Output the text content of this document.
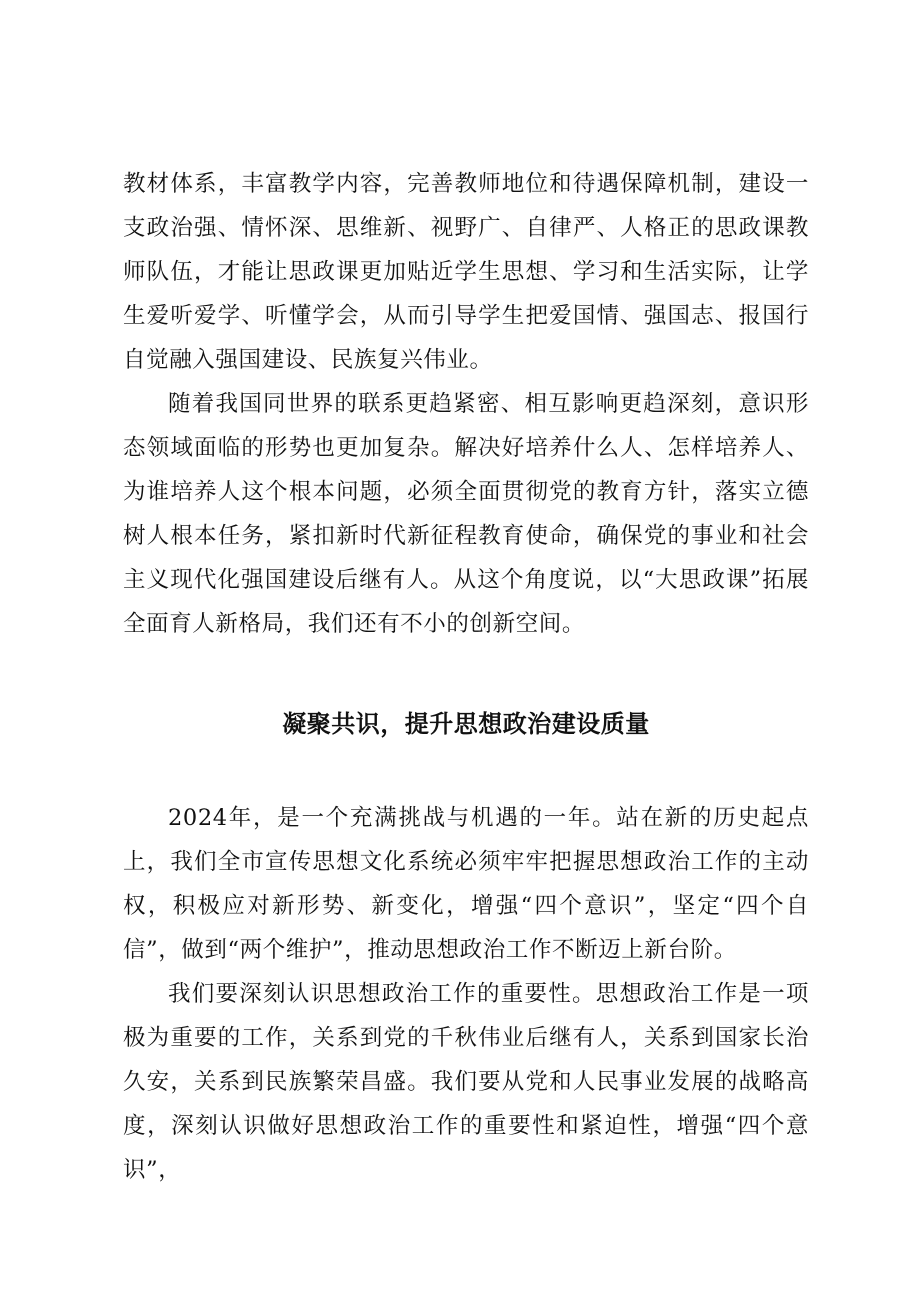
教材体系，丰富教学内容，完善教师地位和待遇保障机制，建设一支政治强、情怀深、思维新、视野广、自律严、人格正的思政课教师队伍，才能让思政课更加贴近学生思想、学习和生活实际，让学生爱听爱学、听懂学会，从而引导学生把爱国情、强国志、报国行自觉融入强国建设、民族复兴伟业。

随着我国同世界的联系更趋紧密、相互影响更趋深刻，意识形态领域面临的形势也更加复杂。解决好培养什么人、怎样培养人、为谁培养人这个根本问题，必须全面贯彻党的教育方针，落实立德树人根本任务，紧扣新时代新征程教育使命，确保党的事业和社会主义现代化强国建设后继有人。从这个角度说，以“大思政课”拓展全面育人新格局，我们还有不小的创新空间。

凝聚共识，提升思想政治建设质量

2024年，是一个充满挑战与机遇的一年。站在新的历史起点上，我们全市宣传思想文化系统必须牢牢把握思想政治工作的主动权，积极应对新形势、新变化，增强“四个意识”，坚定“四个自信”，做到“两个维护”，推动思想政治工作不断迈上新台阶。

我们要深刻认识思想政治工作的重要性。思想政治工作是一项极为重要的工作，关系到党的千秋伟业后继有人，关系到国家长治久安，关系到民族繁荣昌盛。我们要从党和人民事业发展的战略高度，深刻认识做好思想政治工作的重要性和紧迫性，增强“四个意识”，
